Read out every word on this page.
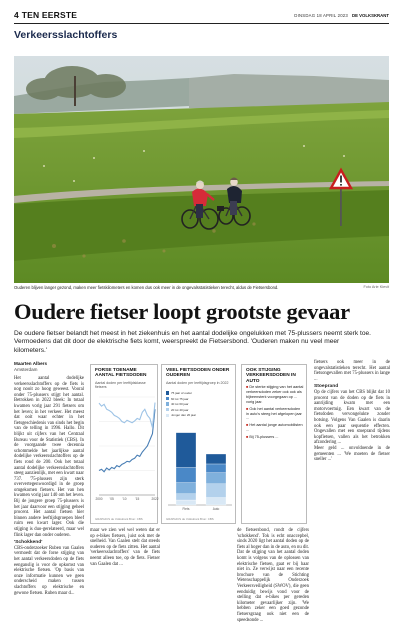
4 TEN EERSTE	DINSDAG 18 APRIL 2023 DE VOLKSKRANT
Verkeersslachtoffers
Ouderen blijven langer gezond, maken meer fietskilometers en komen dus ook meer in de ongevalsstatistieken terecht, aldus de Fietsersbond.	Foto Arie Kievit
Oudere fietser loopt grootste gevaar
De oudere fietser belandt het meest in het ziekenhuis en het aantal dodelijke ongelukken met 75-plussers neemt sterk toe. Vermoedens dat dit door de elektrische fiets komt, weerspreekt de Fietsersbond. 'Ouderen maken nu veel meer kilometers.'
Maarten Albers
Amsterdam

Het aantal dodelijke verkeersslachtoffers op de fiets is nog nooit zo hoog geweest. Vooral onder 75-plussers stijgt het aantal. Betrokken in 2022 bleek: In totaal kwamen vorig jaar 291 fietsers om het leven; in het verkeer. Het meest dat ooit waar echter in het fietsgeschiedenis van sinds het begin van de telling in 1996. Hallo. Dit blijkt uit cijfers van het Centraal Bureau voor de Statistiek (CBS). In de voorgaande twee decennia schommelde het jaarlijkse aantal dodelijke verkeersslachtoffers op de fiets rond de 200. Ook het totaal aantal dodelijke verkeersslachtoffers steeg aanzienlijk, met een kwart naar 737. '75-plussers zijn sterk oververtegenwoordigd in de groep omgekomen fietsers. Het van hen kwamen vorig jaar 140 om het leven. Bij de jongere groep 75-plussers is het jaar daarvoor een stijging geheel procent. Het aantal fietsen hier binnen andere leeftijdsgroepen bleef ruim een kwart lager. Ook die stijging is duo-gerelateerd, maar wel flink lager dan onder ouderen.

'Schokkend'

CBS-onderzoeker Ruben van Gaalen vermoedt dat de forse stijging van het aantal verkeersdoden op de fiets eenganslig is voor de opkomst van elektrische fietsen. 'Op basis van onze informatie kunnen we geen onderscheid maken tussen slachtoffers op elektrische en gewone fietsen. Ruben maar d...

FORSE TOENAME AANTAL FIETSDODEN
Aantal doden per leeftijdsklasse fietsers
2000 '05	'10	'15	2022
GRAPHICS de Volkskrant Bron: CBS
VEEL FIETSDODEN ONDER OUDEREN
Aantal doden per leeftijdsgroep in 2022
75 jaar of ouder
60 tot 75 jaar
40 tot 60 jaar
20 tot 40 jaar
Jonger dan 20 jaar
Fiets	Auto
GRAPHICS de Volkskrant Bron: CBS
OOK STIJGING VERKEERSDODEN IN AUTO

■ De sterke stijging van het aantal verkeersdoden zeker ook ook als bijbeensterk voorgegaan op ... vorig jaar.

■ Ook het aantal verkeersdoden in auto's steeg het afgelopen jaar ...

■ Het aantal jonge automobilisten ...

■ Bij 75-plussers ...

de fietsersbond, rondt de cijfers 'schokkend'. Tok is echt onaccepbel, sinds 2020 ligt het aantal doden op de fiets al hoger dan in de auto, en nu dit. Dat de stijging van het aantal doden komt is volgens van de oplossen van elektrische fietsen, gaat er bij haar niet in. Ze verwijst naar een recente brochure van de Stichting Wetenschappelijk Onderzoek Verkeersveiligheid (SWOV), die geen eenduidig bewijs vond voor de stelling dat e-bikes per gereden kilometer gevaarlijker zijn. 'We hebben zeker een goed gezonde fietsersgraag ook niet een de speedsonde ...

maar we zien wel wel weten dat er op e-bikes fietsers, juist ook met de snelheid. Van Gaalen stelt dat steeds ouderen op de fiets zitten. Het aantal 'verkeersslachtoffers' van de fiets neemt alleen toe, op de fiets. Fietser van Gaalen dat ...

fietsers ook meer in de ongevalstatistieken terecht. Het aantal fietsongevallen met 75-plussers in lange ...

Stoeprand

Op de cijfers van het CBS blijkt dat 10 procent van de doden op de fiets in aanrijding kwam met een motorvoertuig. Een kwart van de fietsdoden vervongelukte zonder botsing. Volgens Van Gaalen is daarin ook een paar sequentie effecten. Ongevallen met een stoeprand tijdens kopfietsen, vallen als het betrokken afzondering ...

Meer geld ... onvoldoende in de gemeenten ... 'We moeten de fietser sneller ...'
